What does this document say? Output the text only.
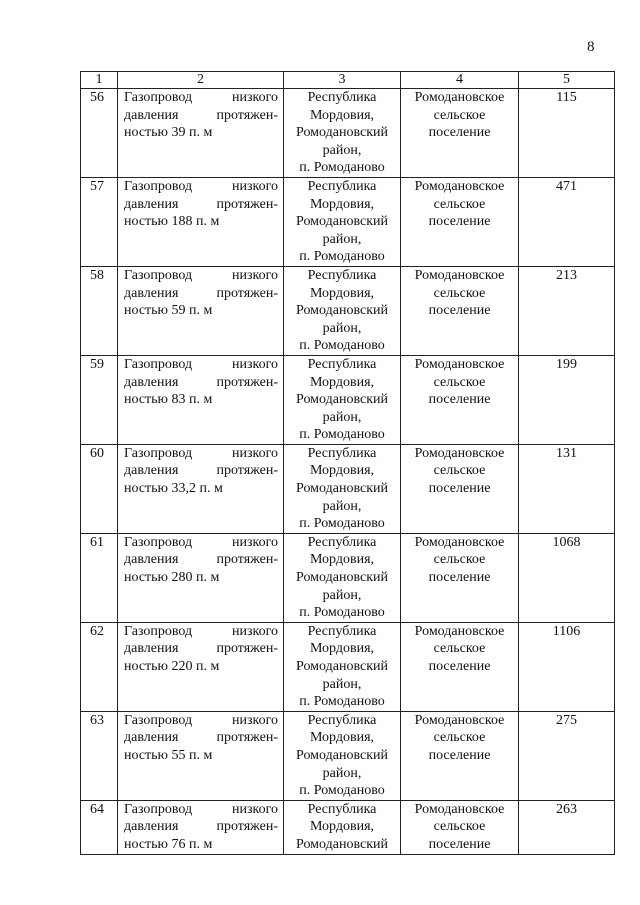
8
1	2	3	4	5
56	Газопровод низкого
давления протяжен-
ностью 39 п. м	Республика
Мордовия,
Ромодановский
район,
п. Ромоданово	Ромодановское
сельское
поселение	115
57	Газопровод низкого
давления протяжен-
ностью 188 п. м	Республика
Мордовия,
Ромодановский
район,
п. Ромоданово	Ромодановское
сельское
поселение	471
58	Газопровод низкого
давления протяжен-
ностью 59 п. м	Республика
Мордовия,
Ромодановский
район,
п. Ромоданово	Ромодановское
сельское
поселение	213
59	Газопровод низкого
давления протяжен-
ностью 83 п. м	Республика
Мордовия,
Ромодановский
район,
п. Ромоданово	Ромодановское
сельское
поселение	199
60	Газопровод низкого
давления протяжен-
ностью 33,2 п. м	Республика
Мордовия,
Ромодановский
район,
п. Ромоданово	Ромодановское
сельское
поселение	131
61	Газопровод низкого
давления протяжен-
ностью 280 п. м	Республика
Мордовия,
Ромодановский
район,
п. Ромоданово	Ромодановское
сельское
поселение	1068
62	Газопровод низкого
давления протяжен-
ностью 220 п. м	Республика
Мордовия,
Ромодановский
район,
п. Ромоданово	Ромодановское
сельское
поселение	1106
63	Газопровод низкого
давления протяжен-
ностью 55 п. м	Республика
Мордовия,
Ромодановский
район,
п. Ромоданово	Ромодановское
сельское
поселение	275
64	Газопровод низкого
давления протяжен-
ностью 76 п. м	Республика
Мордовия,
Ромодановский	Ромодановское
сельское
поселение	263
